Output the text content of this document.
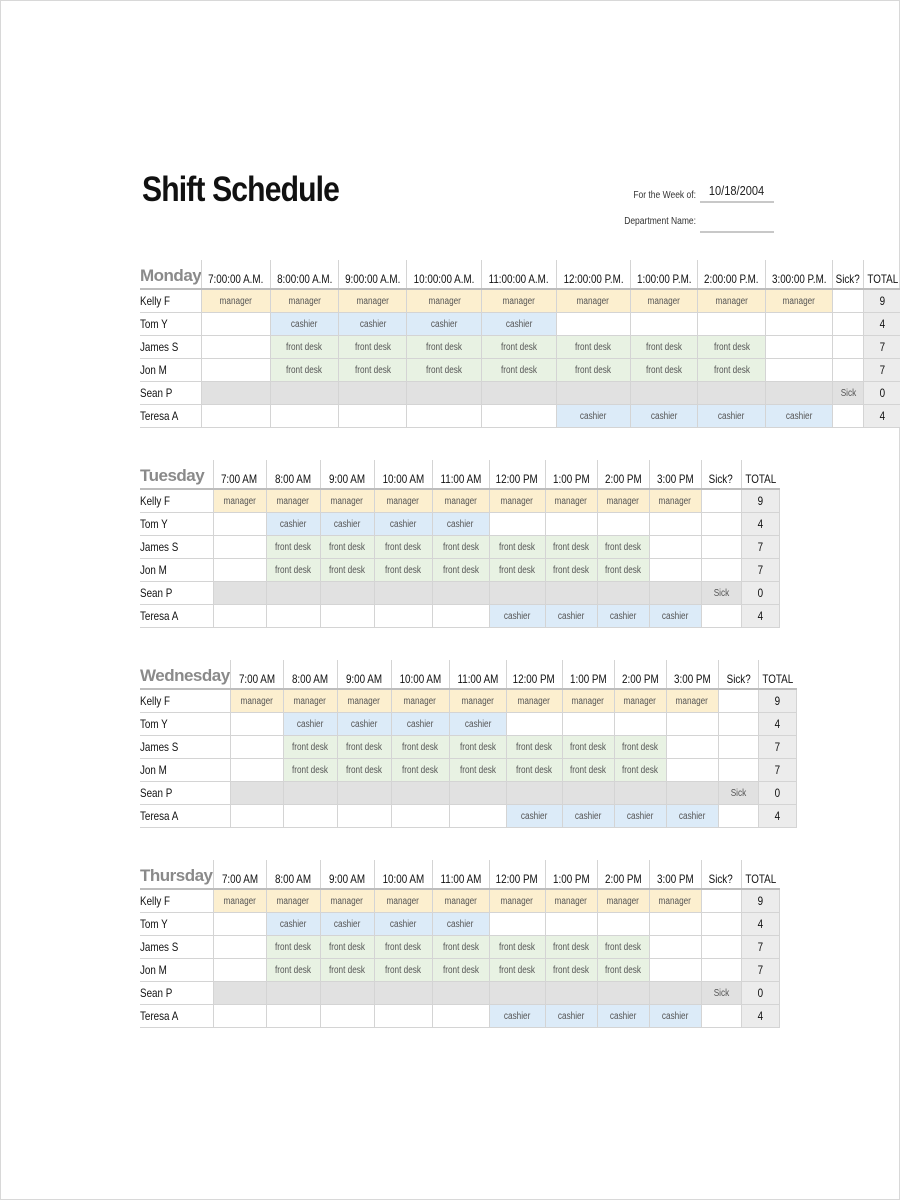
Shift Schedule	For the Week of:	10/18/2004
Department Name:
Monday	7:00:00 A.M.	8:00:00 A.M.	9:00:00 A.M.	10:00:00 A.M.	11:00:00 A.M.	12:00:00 P.M.	1:00:00 P.M.	2:00:00 P.M.	3:00:00 P.M.	Sick?	TOTAL
Kelly F	manager	manager	manager	manager	manager	manager	manager	manager	manager		9
Tom Y		cashier	cashier	cashier	cashier						4
James S		front desk	front desk	front desk	front desk	front desk	front desk	front desk			7
Jon M		front desk	front desk	front desk	front desk	front desk	front desk	front desk			7
Sean P										Sick	0
Teresa A						cashier	cashier	cashier	cashier		4
Tuesday	7:00 AM	8:00 AM	9:00 AM	10:00 AM	11:00 AM	12:00 PM	1:00 PM	2:00 PM	3:00 PM	Sick?	TOTAL
Kelly F	manager	manager	manager	manager	manager	manager	manager	manager	manager		9
Tom Y		cashier	cashier	cashier	cashier						4
James S		front desk	front desk	front desk	front desk	front desk	front desk	front desk			7
Jon M		front desk	front desk	front desk	front desk	front desk	front desk	front desk			7
Sean P										Sick	0
Teresa A						cashier	cashier	cashier	cashier		4
Wednesday	7:00 AM	8:00 AM	9:00 AM	10:00 AM	11:00 AM	12:00 PM	1:00 PM	2:00 PM	3:00 PM	Sick?	TOTAL
Kelly F	manager	manager	manager	manager	manager	manager	manager	manager	manager		9
Tom Y		cashier	cashier	cashier	cashier						4
James S		front desk	front desk	front desk	front desk	front desk	front desk	front desk			7
Jon M		front desk	front desk	front desk	front desk	front desk	front desk	front desk			7
Sean P										Sick	0
Teresa A						cashier	cashier	cashier	cashier		4
Thursday	7:00 AM	8:00 AM	9:00 AM	10:00 AM	11:00 AM	12:00 PM	1:00 PM	2:00 PM	3:00 PM	Sick?	TOTAL
Kelly F	manager	manager	manager	manager	manager	manager	manager	manager	manager		9
Tom Y		cashier	cashier	cashier	cashier						4
James S		front desk	front desk	front desk	front desk	front desk	front desk	front desk			7
Jon M		front desk	front desk	front desk	front desk	front desk	front desk	front desk			7
Sean P										Sick	0
Teresa A						cashier	cashier	cashier	cashier		4
